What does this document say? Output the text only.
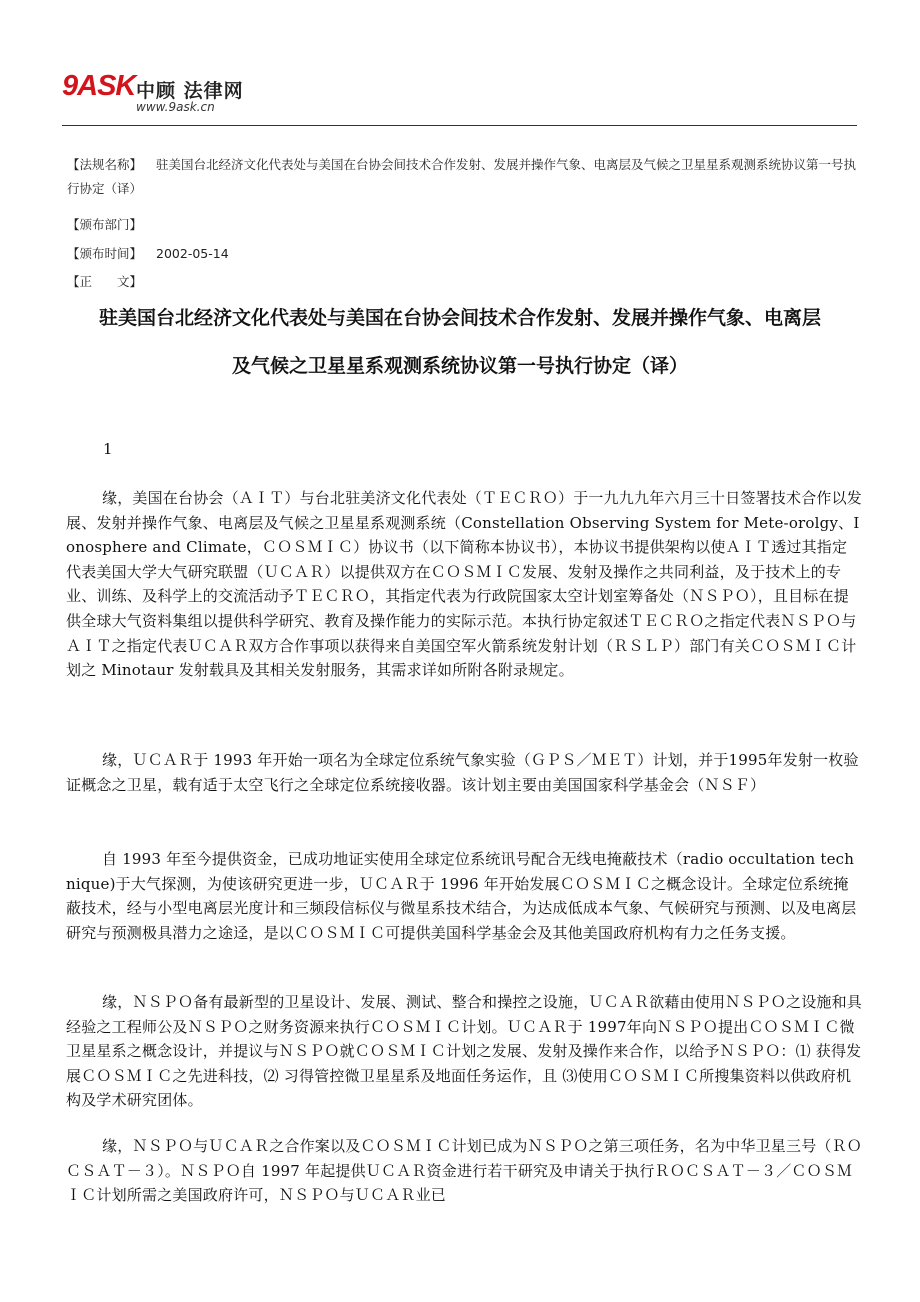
9ASK 中顾 法律网
www.9ask.cn
【法规名称】 驻美国台北经济文化代表处与美国在台协会间技术合作发射、发展并操作气象、电离层及气候之卫星星系观测系统协议第一号执行协定（译）
【颁布部门】
【颁布时间】 2002-05-14
【正　　文】
驻美国台北经济文化代表处与美国在台协会间技术合作发射、发展并操作气象、电离层
及气候之卫星星系观测系统协议第一号执行协定（译）
1
缘，美国在台协会（ＡＩＴ）与台北驻美济文化代表处（ＴＥＣＲＯ）于一九九九年六月三十日签署技术合作以发展、发射并操作气象、电离层及气候之卫星星系观测系统（Constellation Observing System for Mete-orolgy、Ionosphere and Climate，ＣＯＳＭＩＣ）协议书（以下简称本协议书），本协议书提供架构以使ＡＩＴ透过其指定代表美国大学大气研究联盟（ＵＣＡＲ）以提供双方在ＣＯＳＭＩＣ发展、发射及操作之共同利益，及于技术上的专业、训练、及科学上的交流活动予ＴＥＣＲＯ，其指定代表为行政院国家太空计划室筹备处（ＮＳＰＯ），且目标在提供全球大气资料集组以提供科学研究、教育及操作能力的实际示范。本执行协定叙述ＴＥＣＲＯ之指定代表ＮＳＰＯ与ＡＩＴ之指定代表ＵＣＡＲ双方合作事项以获得来自美国空军火箭系统发射计划（ＲＳＬＰ）部门有关ＣＯＳＭＩＣ计划之 Minotaur 发射载具及其相关发射服务，其需求详如所附各附录规定。
缘，ＵＣＡＲ于 1993 年开始一项名为全球定位系统气象实验（ＧＰＳ／ＭＥＴ）计划，并于1995年发射一枚验证概念之卫星，载有适于太空飞行之全球定位系统接收器。该计划主要由美国国家科学基金会（ＮＳＦ）
自 1993 年至今提供资金，已成功地证实使用全球定位系统讯号配合无线电掩蔽技术（radio occultation technique)于大气探测，为使该研究更进一步，ＵＣＡＲ于 1996 年开始发展ＣＯＳＭＩＣ之概念设计。全球定位系统掩蔽技术，经与小型电离层光度计和三频段信标仪与微星系技术结合，为达成低成本气象、气候研究与预测、以及电离层研究与预测极具潜力之途迳，是以ＣＯＳＭＩＣ可提供美国科学基金会及其他美国政府机构有力之任务支援。
缘，ＮＳＰＯ备有最新型的卫星设计、发展、测试、整合和操控之设施，ＵＣＡＲ欲藉由使用ＮＳＰＯ之设施和具经验之工程师公及ＮＳＰＯ之财务资源来执行ＣＯＳＭＩＣ计划。ＵＣＡＲ于 1997年向ＮＳＰＯ提出ＣＯＳＭＩＣ微卫星星系之概念设计，并提议与ＮＳＰＯ就ＣＯＳＭＩＣ计划之发展、发射及操作来合作，以给予ＮＳＰＯ：⑴ 获得发展ＣＯＳＭＩＣ之先进科技，⑵ 习得管控微卫星星系及地面任务运作，且 ⑶使用ＣＯＳＭＩＣ所搜集资料以供政府机构及学术研究团体。
缘，ＮＳＰＯ与ＵＣＡＲ之合作案以及ＣＯＳＭＩＣ计划已成为ＮＳＰＯ之第三项任务，名为中华卫星三号（ＲＯＣＳＡＴ－３）。ＮＳＰＯ自 1997 年起提供ＵＣＡＲ资金进行若干研究及申请关于执行ＲＯＣＳＡＴ－３／ＣＯＳＭＩＣ计划所需之美国政府许可，ＮＳＰＯ与ＵＣＡＲ业已
